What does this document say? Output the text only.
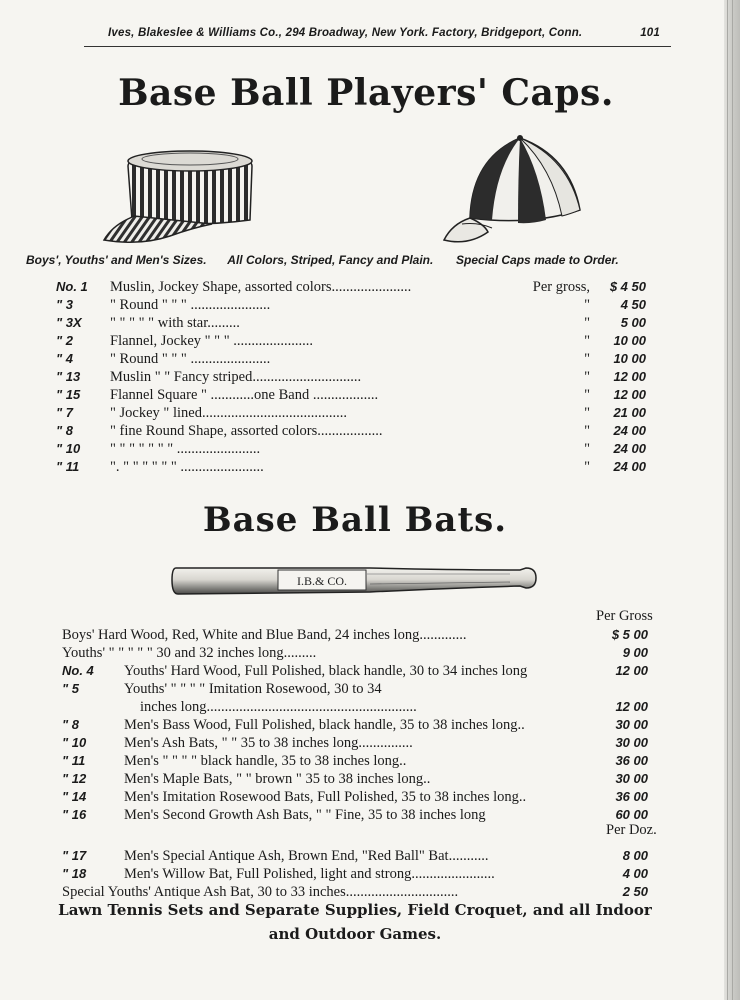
Ives, Blakeslee & Williams Co., 294 Broadway, New York. Factory, Bridgeport, Conn.	101
Base Ball Players' Caps.
Boys', Youths' and Men's Sizes. All Colors, Striped, Fancy and Plain. Special Caps made to Order.
No. 1	Muslin, Jockey Shape, assorted colors......................	Per gross,	$ 4 50
" 3	" Round " " " ......................	"	4 50
" 3X	" " " " " with star.........	"	5 00
" 2	Flannel, Jockey " " " ......................	"	10 00
" 4	" Round " " " ......................	"	10 00
" 13	Muslin " " Fancy striped..............................	"	12 00
" 15	Flannel Square " ............one Band ..................	"	12 00
" 7	" Jockey " lined........................................	"	21 00
" 8	" fine Round Shape, assorted colors..................	"	24 00
" 10	" " " " " " " .......................	"	24 00
" 11	". " " " " " " .......................	"	24 00
Base Ball Bats.
I.B.& CO.
Per Gross
Boys' Hard Wood, Red, White and Blue Band, 24 inches long.............	$ 5 00
Youths' " " " " " 30 and 32 inches long.........	9 00
No. 4	Youths' Hard Wood, Full Polished, black handle, 30 to 34 inches long	12 00
" 5	Youths' " " " " Imitation Rosewood, 30 to 34
inches long..........................................................	12 00
" 8	Men's Bass Wood, Full Polished, black handle, 35 to 38 inches long..	30 00
" 10	Men's Ash Bats, " " 35 to 38 inches long...............	30 00
" 11	Men's " " " " black handle, 35 to 38 inches long..	36 00
" 12	Men's Maple Bats, " " brown " 35 to 38 inches long..	30 00
" 14	Men's Imitation Rosewood Bats, Full Polished, 35 to 38 inches long..	36 00
" 16	Men's Second Growth Ash Bats, " " Fine, 35 to 38 inches long	60 00
Per Doz.
" 17	Men's Special Antique Ash, Brown End, "Red Ball" Bat...........	8 00
" 18	Men's Willow Bat, Full Polished, light and strong.......................	4 00
Special Youths' Antique Ash Bat, 30 to 33 inches...............................	2 50
Lawn Tennis Sets and Separate Supplies, Field Croquet, and all Indoor
and Outdoor Games.
